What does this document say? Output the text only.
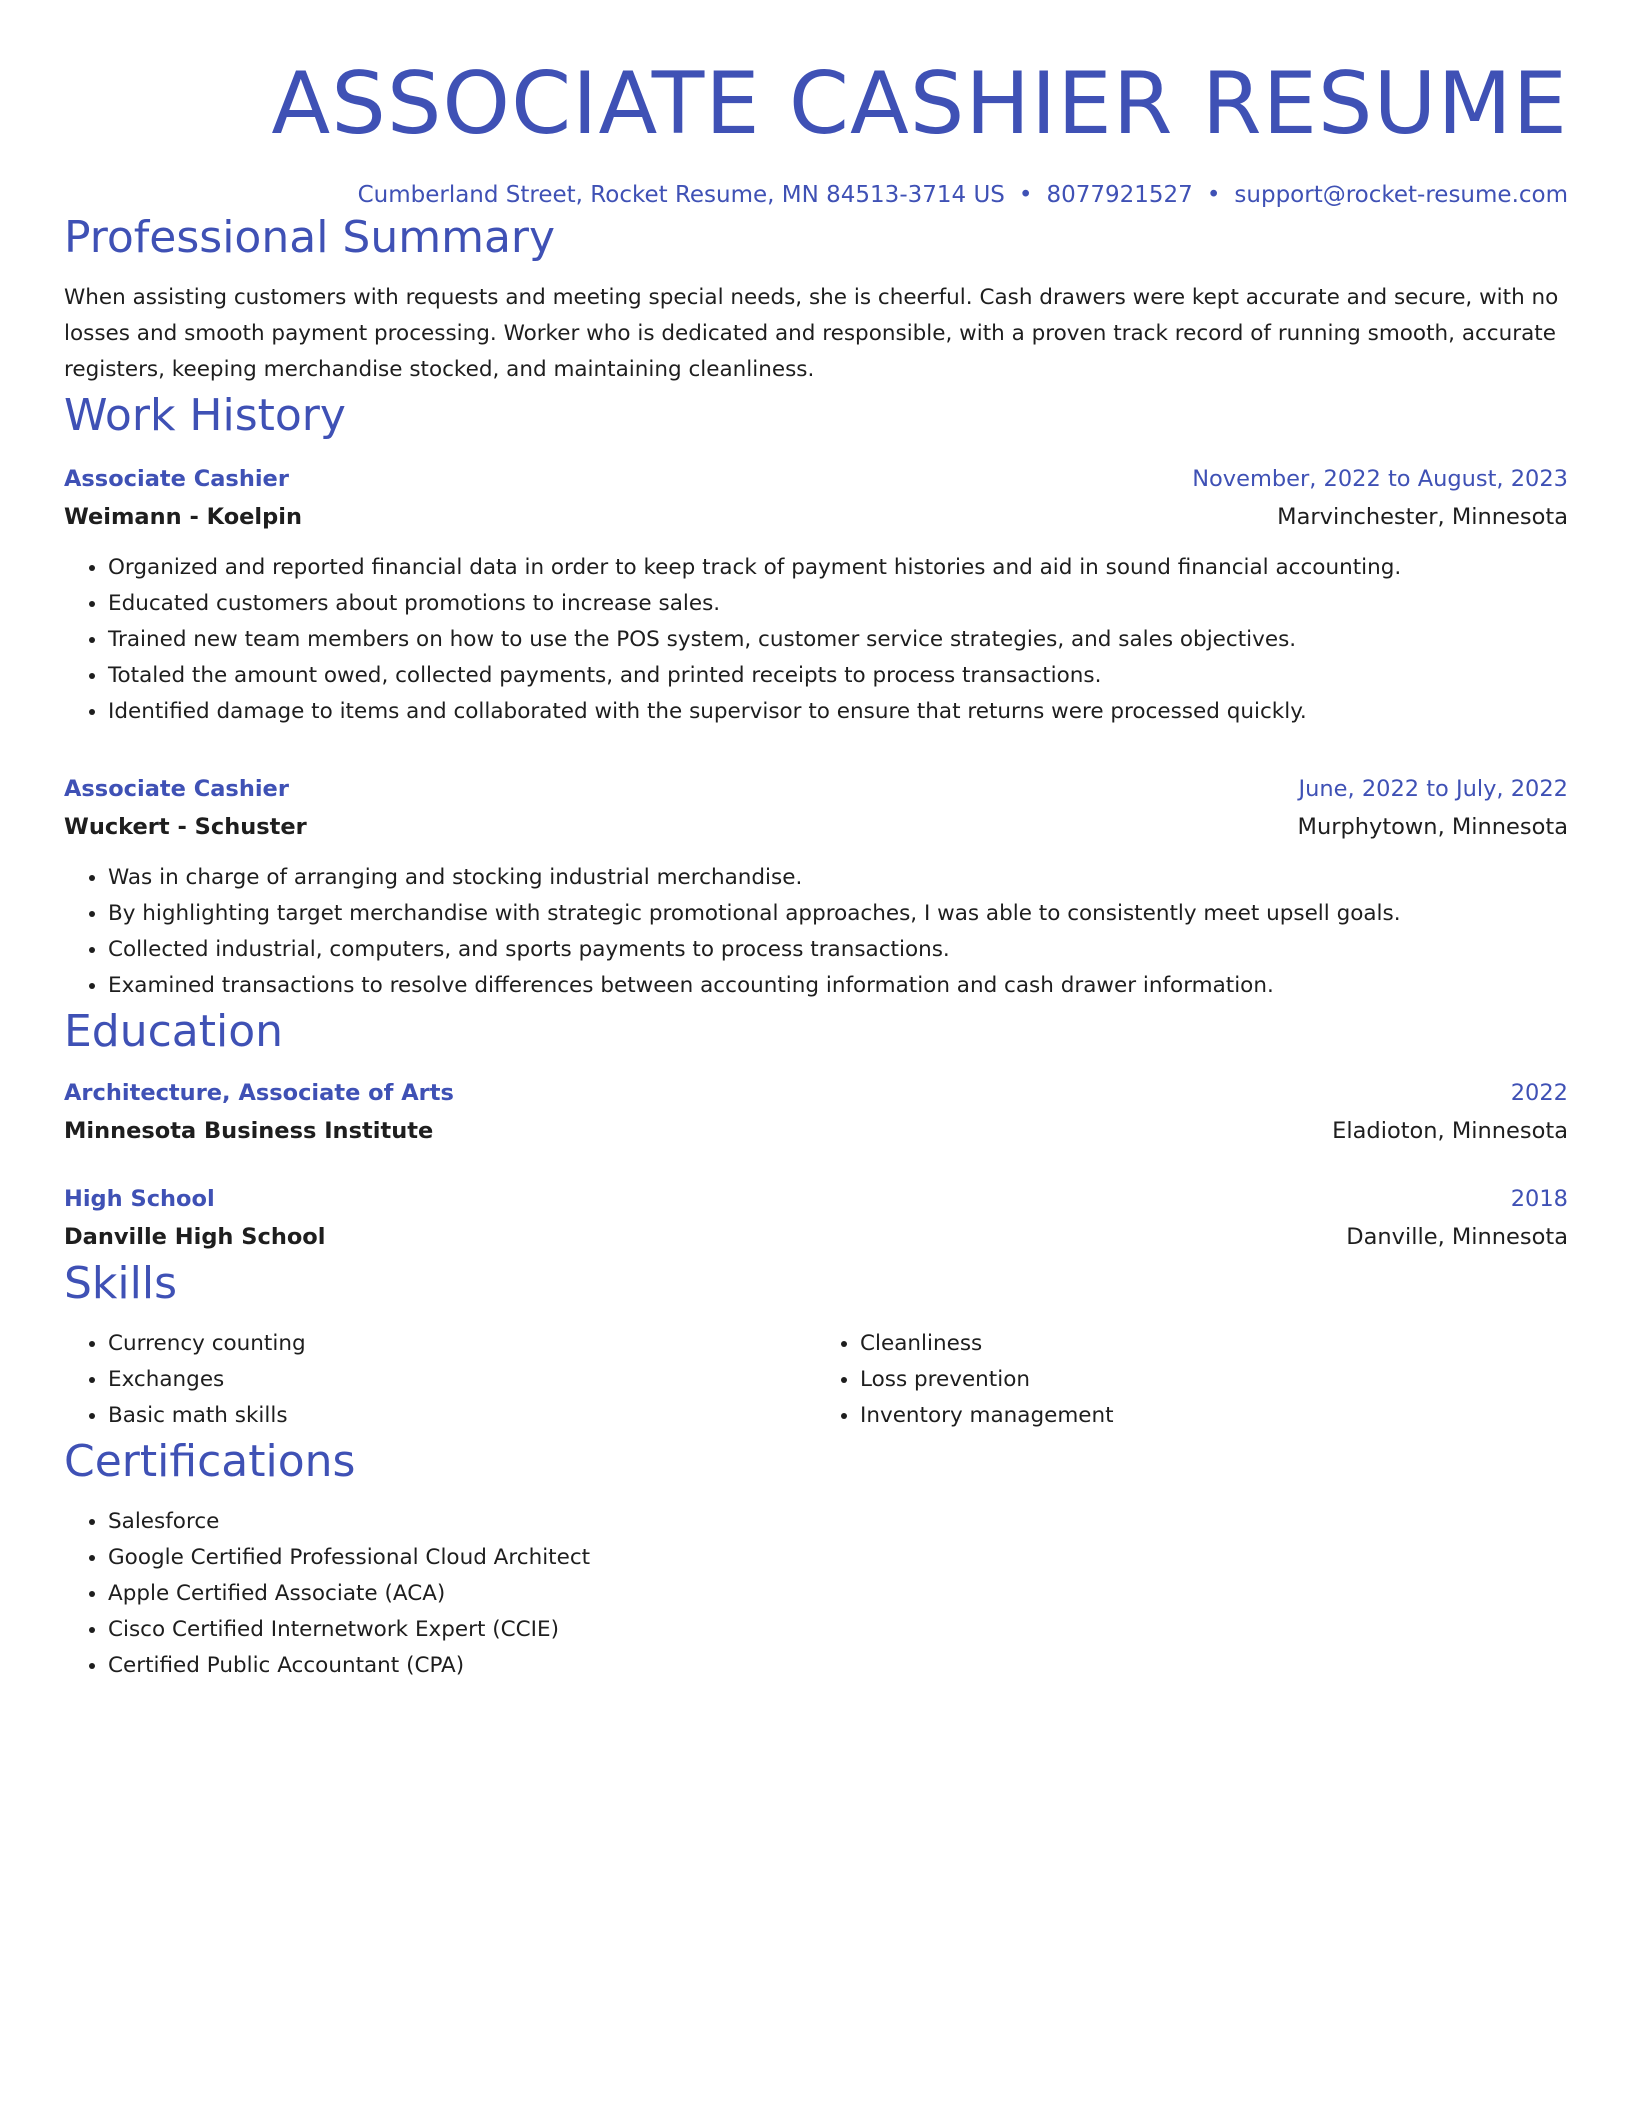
ASSOCIATE CASHIER RESUME
Cumberland Street, Rocket Resume, MN 84513-3714 US • 8077921527 • support@rocket-resume.com
Professional Summary
When assisting customers with requests and meeting special needs, she is cheerful. Cash drawers were kept accurate and secure, with no losses and smooth payment processing. Worker who is dedicated and responsible, with a proven track record of running smooth, accurate registers, keeping merchandise stocked, and maintaining cleanliness.
Work History
Associate Cashier	November, 2022 to August, 2023
Weimann - Koelpin	Marvinchester, Minnesota
• Organized and reported financial data in order to keep track of payment histories and aid in sound financial accounting.
• Educated customers about promotions to increase sales.
• Trained new team members on how to use the POS system, customer service strategies, and sales objectives.
• Totaled the amount owed, collected payments, and printed receipts to process transactions.
• Identified damage to items and collaborated with the supervisor to ensure that returns were processed quickly.
Associate Cashier	June, 2022 to July, 2022
Wuckert - Schuster	Murphytown, Minnesota
• Was in charge of arranging and stocking industrial merchandise.
• By highlighting target merchandise with strategic promotional approaches, I was able to consistently meet upsell goals.
• Collected industrial, computers, and sports payments to process transactions.
• Examined transactions to resolve differences between accounting information and cash drawer information.
Education
Architecture, Associate of Arts	2022
Minnesota Business Institute	Eladioton, Minnesota
High School	2018
Danville High School	Danville, Minnesota
Skills
• Currency counting
• Exchanges
• Basic math skills
• Cleanliness
• Loss prevention
• Inventory management
Certifications
• Salesforce
• Google Certified Professional Cloud Architect
• Apple Certified Associate (ACA)
• Cisco Certified Internetwork Expert (CCIE)
• Certified Public Accountant (CPA)
